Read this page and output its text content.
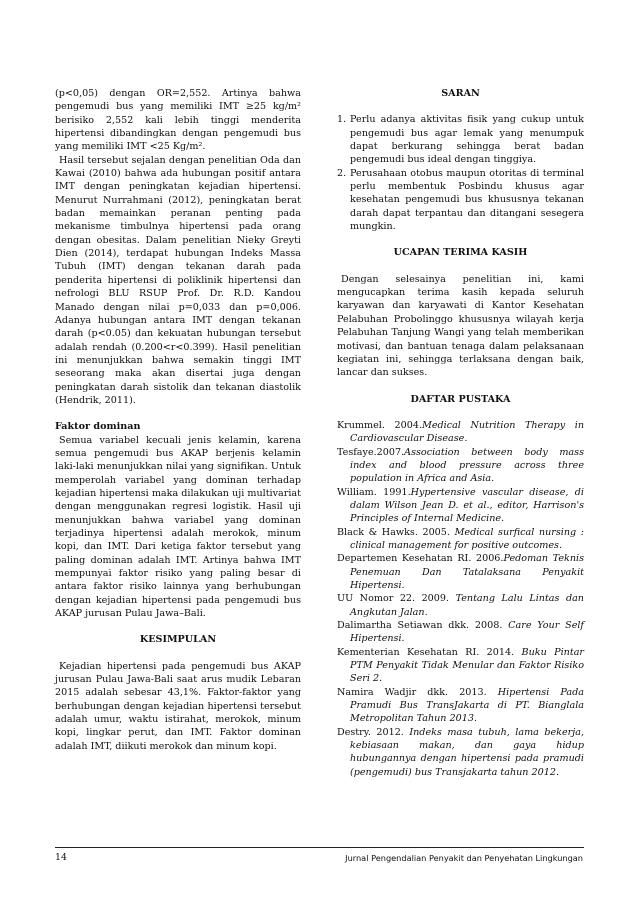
(p<0,05) dengan OR=2,552. Artinya bahwa pengemudi bus yang memiliki IMT ≥25 kg/m² berisiko 2,552 kali lebih tinggi menderita hipertensi dibandingkan dengan pengemudi bus yang memiliki IMT <25 Kg/m².

Hasil tersebut sejalan dengan penelitian Oda dan Kawai (2010) bahwa ada hubungan positif antara IMT dengan peningkatan kejadian hipertensi. Menurut Nurrahmani (2012), peningkatan berat badan memainkan peranan penting pada mekanisme timbulnya hipertensi pada orang dengan obesitas. Dalam penelitian Nieky Greyti Dien (2014), terdapat hubungan Indeks Massa Tubuh (IMT) dengan tekanan darah pada penderita hipertensi di poliklinik hipertensi dan nefrologi BLU RSUP Prof. Dr. R.D. Kandou Manado dengan nilai p=0,033 dan p=0,006. Adanya hubungan antara IMT dengan tekanan darah (p<0.05) dan kekuatan hubungan tersebut adalah rendah (0.200<r<0.399). Hasil penelitian ini menunjukkan bahwa semakin tinggi IMT seseorang maka akan disertai juga dengan peningkatan darah sistolik dan tekanan diastolik (Hendrik, 2011).

Faktor dominan

Semua variabel kecuali jenis kelamin, karena semua pengemudi bus AKAP berjenis kelamin laki-laki menunjukkan nilai yang signifikan. Untuk memperolah variabel yang dominan terhadap kejadian hipertensi maka dilakukan uji multivariat dengan menggunakan regresi logistik. Hasil uji menunjukkan bahwa variabel yang dominan terjadinya hipertensi adalah merokok, minum kopi, dan IMT. Dari ketiga faktor tersebut yang paling dominan adalah IMT. Artinya bahwa IMT mempunyai faktor risiko yang paling besar di antara faktor risiko lainnya yang berhubungan dengan kejadian hipertensi pada pengemudi bus AKAP jurusan Pulau Jawa–Bali.

KESIMPULAN

Kejadian hipertensi pada pengemudi bus AKAP jurusan Pulau Jawa-Bali saat arus mudik Lebaran 2015 adalah sebesar 43,1%. Faktor-faktor yang berhubungan dengan kejadian hipertensi tersebut adalah umur, waktu istirahat, merokok, minum kopi, lingkar perut, dan IMT. Faktor dominan adalah IMT, diikuti merokok dan minum kopi.

SARAN

1. Perlu adanya aktivitas fisik yang cukup untuk pengemudi bus agar lemak yang menumpuk dapat berkurang sehingga berat badan pengemudi bus ideal dengan tinggiya.
2. Perusahaan otobus maupun otoritas di terminal perlu membentuk Posbindu khusus agar kesehatan pengemudi bus khususnya tekanan darah dapat terpantau dan ditangani sesegera mungkin.

UCAPAN TERIMA KASIH

Dengan selesainya penelitian ini, kami mengucapkan terima kasih kepada seluruh karyawan dan karyawati di Kantor Kesehatan Pelabuhan Probolinggo khususnya wilayah kerja Pelabuhan Tanjung Wangi yang telah memberikan motivasi, dan bantuan tenaga dalam pelaksanaan kegiatan ini, sehingga terlaksana dengan baik, lancar dan sukses.

DAFTAR PUSTAKA

Krummel. 2004.Medical Nutrition Therapy in Cardiovascular Disease.

Tesfaye.2007.Association between body mass index and blood pressure across three population in Africa and Asia.

William. 1991.Hypertensive vascular disease, di dalam Wilson Jean D. et al., editor, Harrison's Principles of Internal Medicine.

Black & Hawks. 2005. Medical surfical nursing : clinical management for positive outcomes.

Departemen Kesehatan RI. 2006.Pedoman Teknis Penemuan Dan Tatalaksana Penyakit Hipertensi.

UU Nomor 22. 2009. Tentang Lalu Lintas dan Angkutan Jalan.

Dalimartha Setiawan dkk. 2008. Care Your Self Hipertensi.

Kementerian Kesehatan RI. 2014. Buku Pintar PTM Penyakit Tidak Menular dan Faktor Risiko Seri 2.

Namira Wadjir dkk. 2013. Hipertensi Pada Pramudi Bus TransJakarta di PT. Bianglala Metropolitan Tahun 2013.

Destry. 2012. Indeks masa tubuh, lama bekerja, kebiasaan makan, dan gaya hidup hubungannya dengan hipertensi pada pramudi (pengemudi) bus Transjakarta tahun 2012.

14	Jurnal Pengendalian Penyakit dan Penyehatan Lingkungan
